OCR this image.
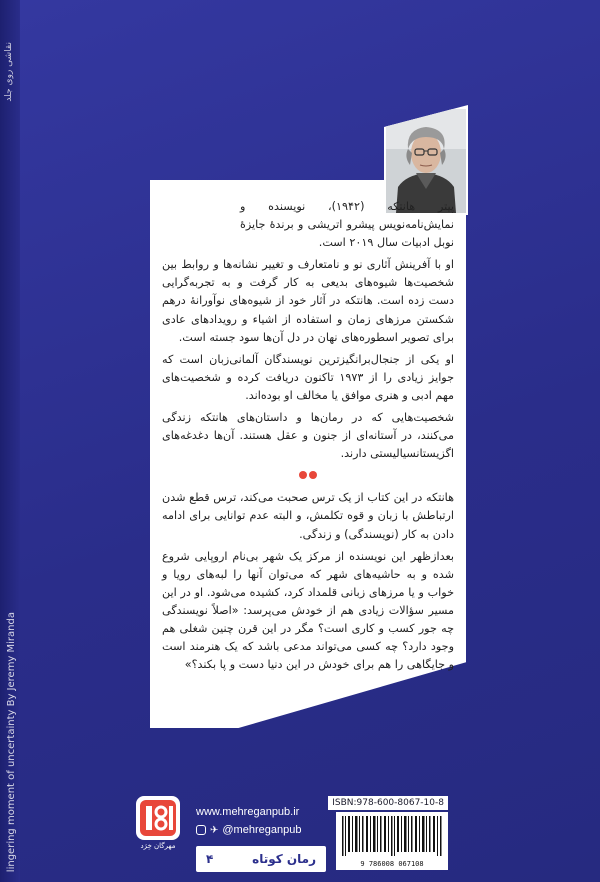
lingering moment of uncertainty By Jeremy Miranda
نقاشی روی جلد

پیتر هانتکه (۱۹۴۲)، نویسنده و نمایش‌نامه‌نویس پیشرو اتریشی و برندۀ جایزۀ نوبل ادبیات سال ۲۰۱۹ است.

او با آفرینش آثاری نو و نامتعارف و تغییر نشانه‌ها و روابط بین شخصیت‌ها شیوه‌های بدیعی به کار گرفت و به تجربه‌گرایی دست زده است. هانتکه در آثار خود از شیوه‌های نوآورانۀ درهم شکستن مرزهای زمان و استفاده از اشیاء و رویدادهای عادی برای تصویر اسطوره‌های نهان در دل آن‌ها سود جسته است.

او یکی از جنجال‌برانگیزترین نویسندگان آلمانی‌زبان است که جوایز زیادی را از ۱۹۷۳ تاکنون دریافت کرده و شخصیت‌های مهم ادبی و هنری موافق یا مخالف او بوده‌اند.

شخصیت‌هایی که در رمان‌ها و داستان‌های هانتکه زندگی می‌کنند، در آستانه‌ای از جنون و عقل هستند. آن‌ها دغدغه‌های اگزیستانسیالیستی دارند.

هانتکه در این کتاب از یک ترس صحبت می‌کند، ترس قطع شدن ارتباطش با زبان و قوه تکلمش، و البته عدم توانایی برای ادامه دادن به کار (نویسندگی) و زندگی.

بعدازظهر این نویسنده از مرکز یک شهر بی‌نام اروپایی شروع شده و به حاشیه‌های شهر که می‌توان آنها را لبه‌های رویا و خواب و یا مرزهای زبانی قلمداد کرد، کشیده می‌شود. او در این مسیر سؤالات زیادی هم از خودش می‌پرسد: «اصلاً نویسندگی چه جور کسب و کاری است؟ مگر در این قرن چنین شغلی هم وجود دارد؟ چه کسی می‌تواند مدعی باشد که یک هنرمند است و جایگاهی را هم برای خودش در این دنیا دست و پا بکند؟»

مهرگان خِرَد
www.mehreganpub.ir
✈ @mehreganpub
رمان کوتاه
۴
ISBN:978-600-8067-10-8
9 786008 067108
